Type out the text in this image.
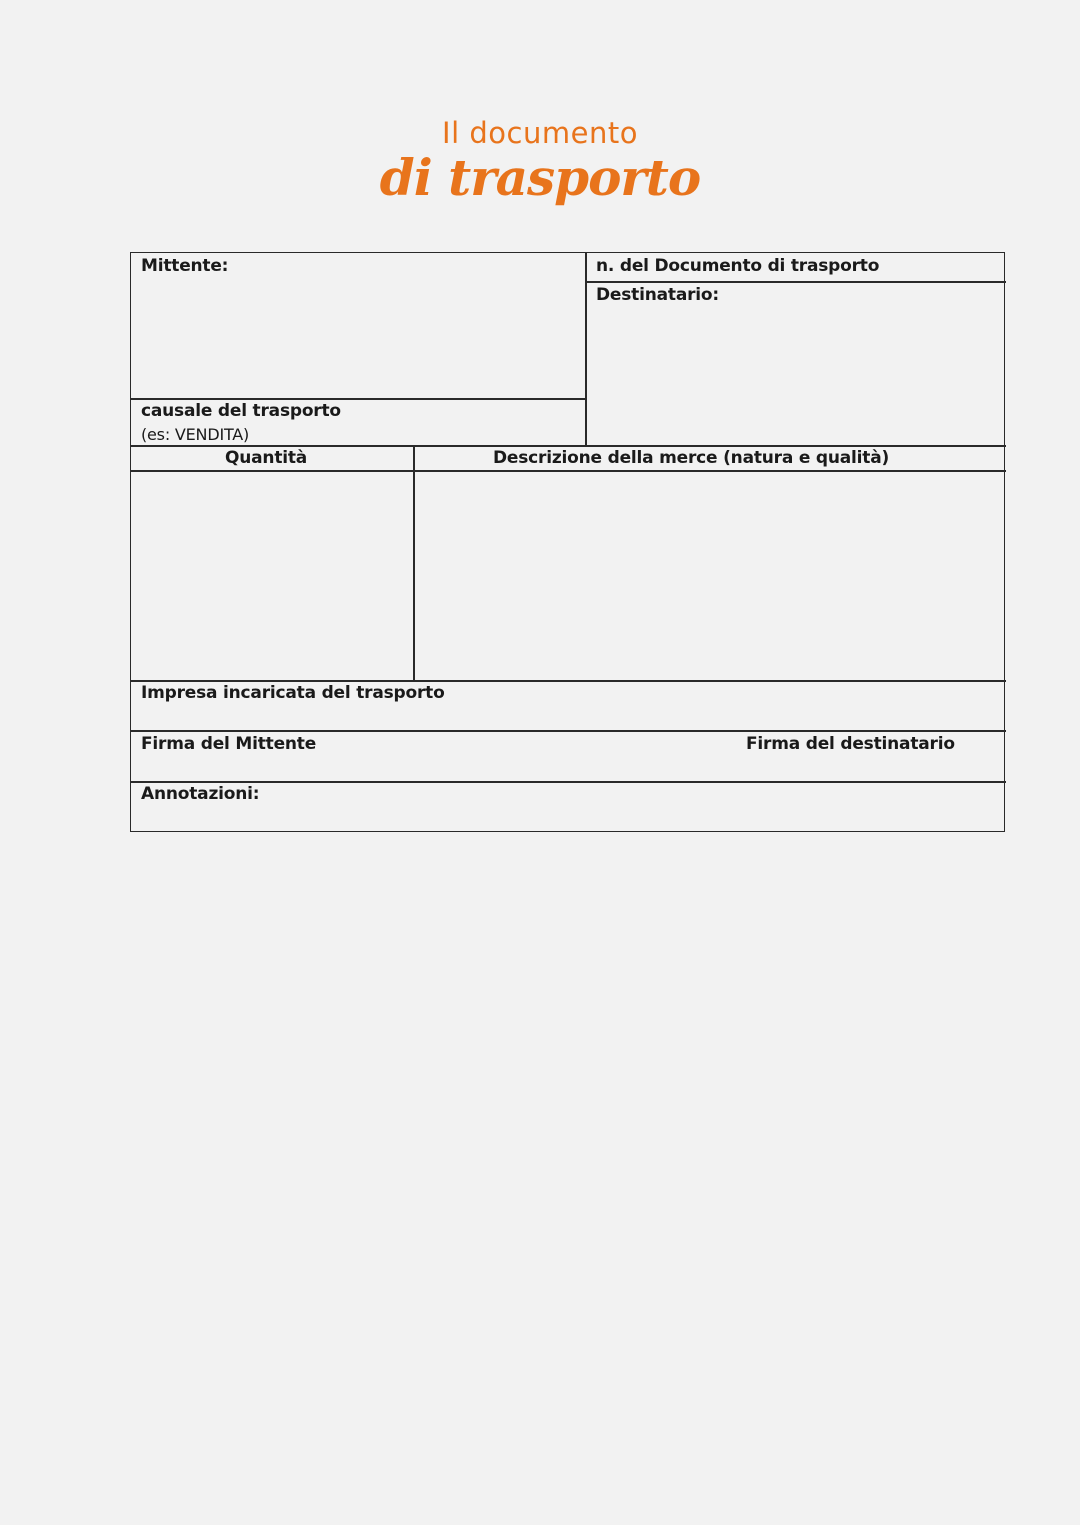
Il documento
di trasporto
Mittente:	n. del Documento di trasporto
Destinatario:
causale del trasporto
(es: VENDITA)
Quantità	Descrizione della merce (natura e qualità)
Impresa incaricata del trasporto
Firma del Mittente	Firma del destinatario
Annotazioni:
